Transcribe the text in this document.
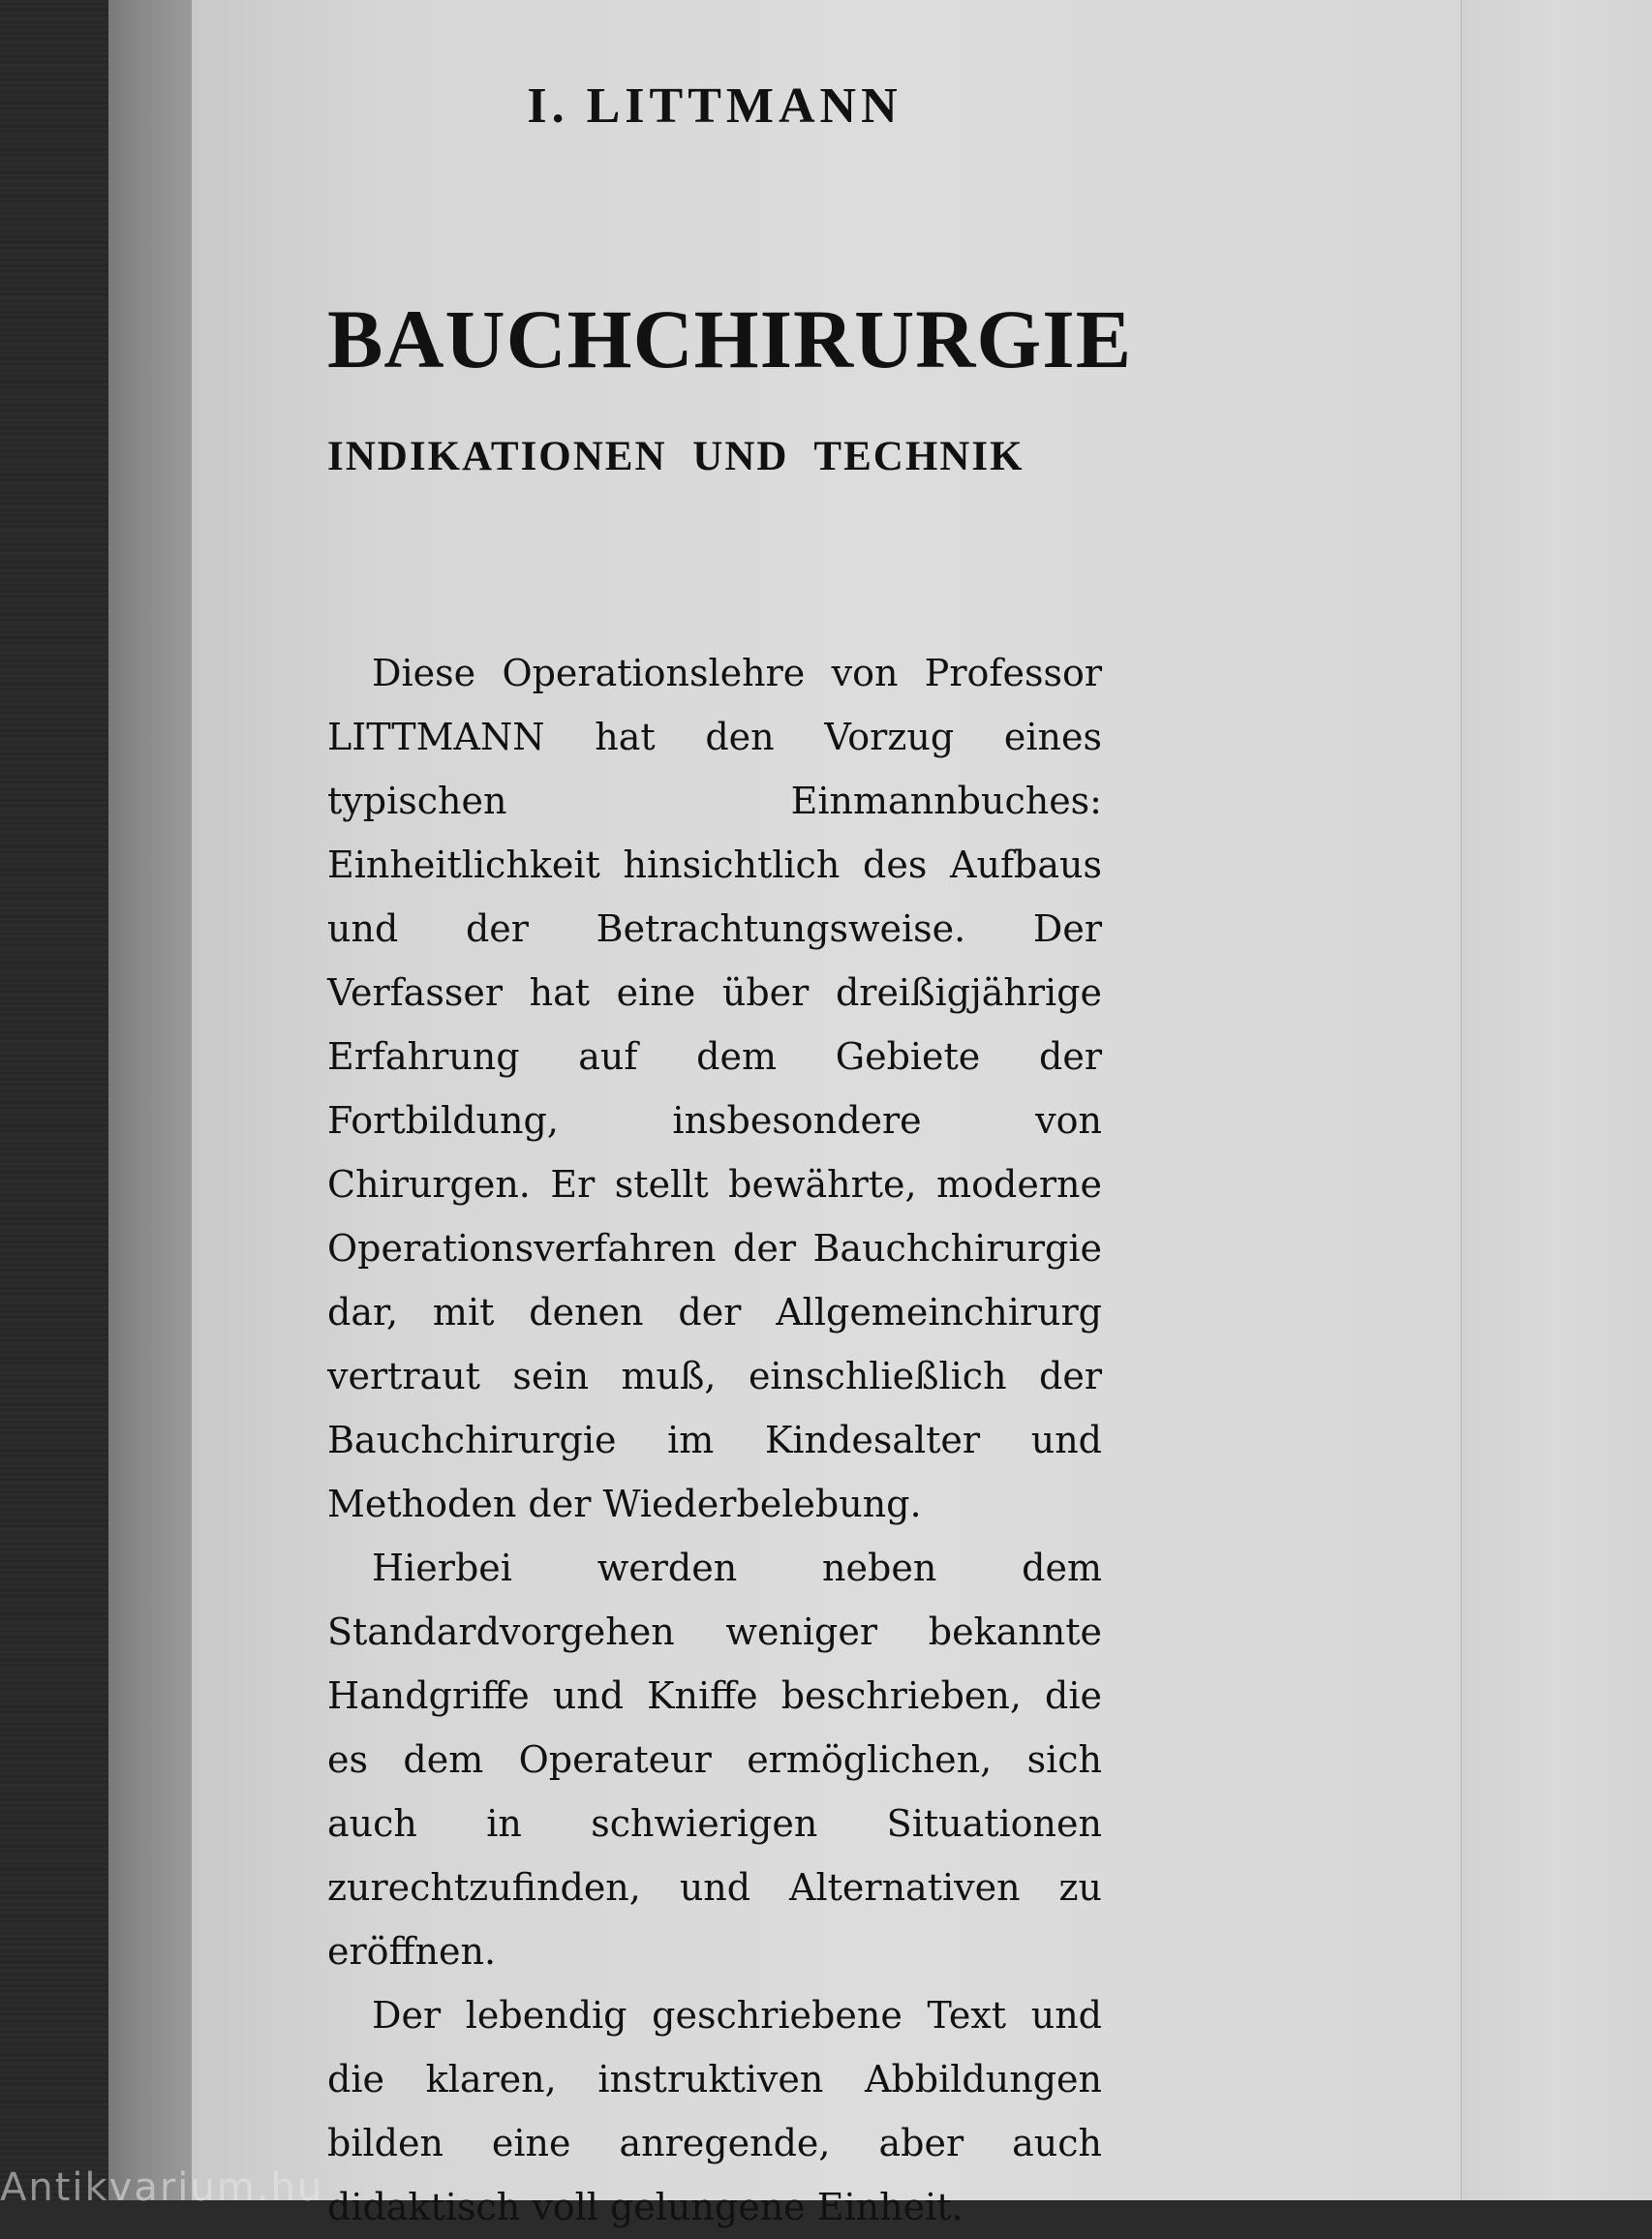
I. LITTMANN
BAUCHCHIRURGIE
INDIKATIONEN UND TECHNIK

Diese Operationslehre von Professor LITTMANN hat den Vorzug eines typischen Einmannbuches: Einheitlichkeit hinsichtlich des Aufbaus und der Betrachtungsweise. Der Verfasser hat eine über dreißigjährige Erfahrung auf dem Gebiete der Fortbildung, insbesondere von Chirurgen. Er stellt bewährte, moderne Operationsverfahren der Bauchchirurgie dar, mit denen der Allgemeinchirurg vertraut sein muß, einschließlich der Bauchchirurgie im Kindesalter und Methoden der Wiederbelebung.

Hierbei werden neben dem Standardvorgehen weniger bekannte Handgriffe und Kniffe beschrieben, die es dem Operateur ermöglichen, sich auch in schwierigen Situationen zurechtzufinden, und Alternativen zu eröffnen.

Der lebendig geschriebene Text und die klaren, instruktiven Abbildungen bilden eine anregende, aber auch didaktisch voll gelungene Einheit.

Antikvarium.hu
